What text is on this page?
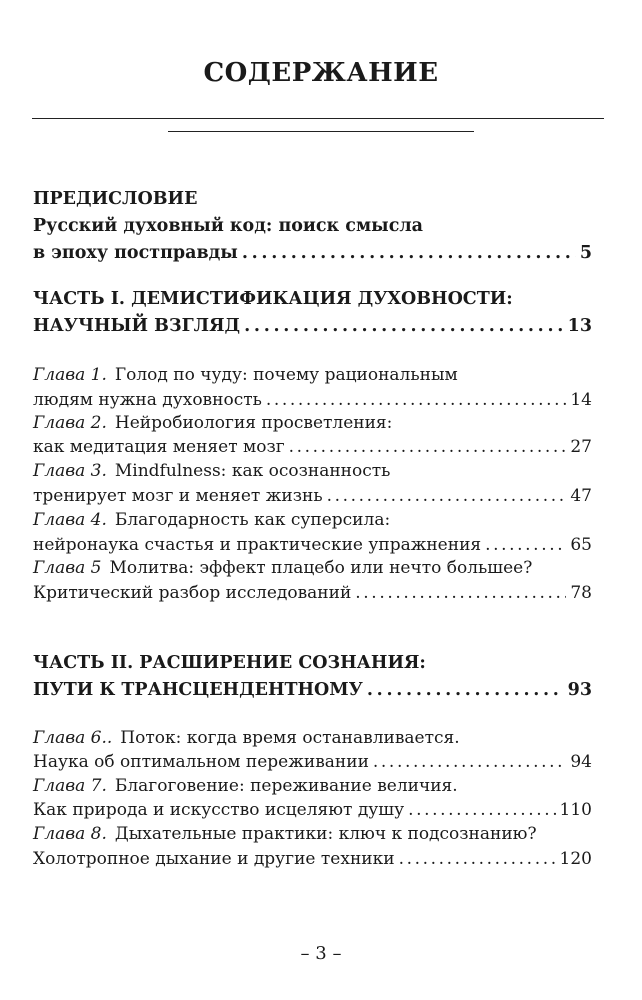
СОДЕРЖАНИЕ
ПРЕДИСЛОВИЕ
Русский духовный код: поиск смысла
в эпоху постправды . . .	5
ЧАСТЬ I. ДЕМИСТИФИКАЦИЯ ДУХОВНОСТИ:
НАУЧНЫЙ ВЗГЛЯД . . .	13
Глава 1. Голод по чуду: почему рациональным
людям нужна духовность . . .	14
Глава 2. Нейробиология просветления:
как медитация меняет мозг . . .	27
Глава 3. Mindfulness: как осознанность
тренирует мозг и меняет жизнь . . .	47
Глава 4. Благодарность как суперсила:
нейронаука счастья и практические упражнения . . .	65
Глава 5 Молитва: эффект плацебо или нечто большее?
Критический разбор исследований . . .	78
ЧАСТЬ II. РАСШИРЕНИЕ СОЗНАНИЯ:
ПУТИ К ТРАНСЦЕНДЕНТНОМУ . . .	93
Глава 6.. Поток: когда время останавливается.
Наука об оптимальном переживании . . .	94
Глава 7. Благоговение: переживание величия.
Как природа и искусство исцеляют душу . . .	110
Глава 8. Дыхательные практики: ключ к подсознанию?
Холотропное дыхание и другие техники . . .	120
– 3 –
